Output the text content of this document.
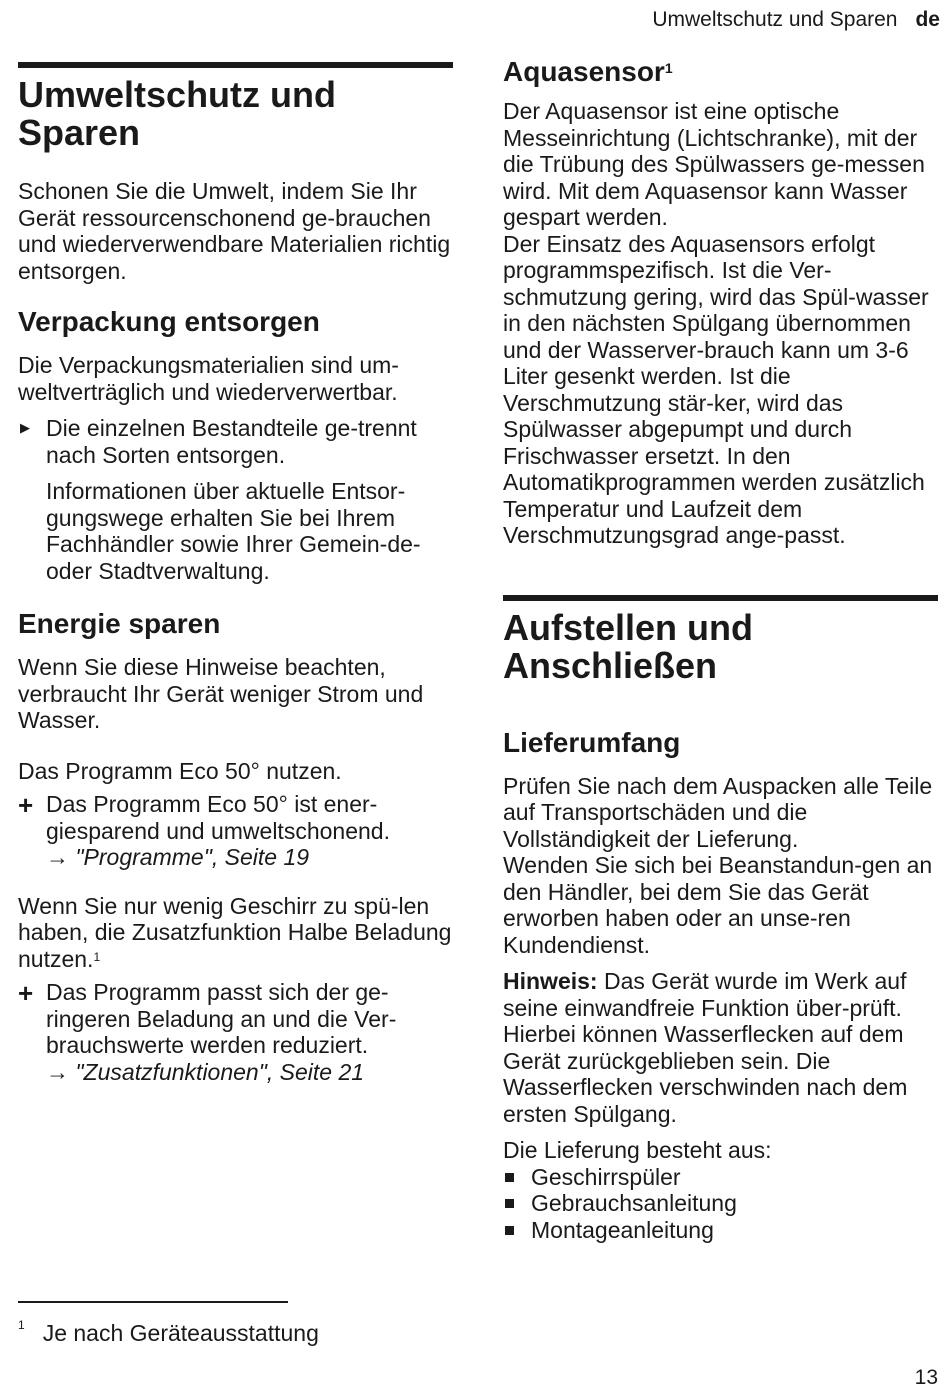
Umweltschutz und Sparen de
Umweltschutz und Sparen

Schonen Sie die Umwelt, indem Sie Ihr Gerät ressourcenschonend ge-brauchen und wiederverwendbare Materialien richtig entsorgen.

Verpackung entsorgen

Die Verpackungsmaterialien sind um-weltverträglich und wiederverwertbar.

▶ Die einzelnen Bestandteile ge-trennt nach Sorten entsorgen.

Informationen über aktuelle Entsor-gungswege erhalten Sie bei Ihrem Fachhändler sowie Ihrer Gemein-de- oder Stadtverwaltung.

Energie sparen

Wenn Sie diese Hinweise beachten, verbraucht Ihr Gerät weniger Strom und Wasser.

Das Programm Eco 50° nutzen.

+ Das Programm Eco 50° ist ener-giesparend und umweltschonend.

→ "Programme", Seite 19

Wenn Sie nur wenig Geschirr zu spü-len haben, die Zusatzfunktion Halbe Beladung nutzen.$^1$

+ Das Programm passt sich der ge-ringeren Beladung an und die Ver-brauchswerte werden reduziert.

→ "Zusatzfunktionen", Seite 21

Aquasensor$^1$

Der Aquasensor ist eine optische Messeinrichtung (Lichtschranke), mit der die Trübung des Spülwassers ge-messen wird. Mit dem Aquasensor kann Wasser gespart werden.

Der Einsatz des Aquasensors erfolgt programmspezifisch. Ist die Ver-schmutzung gering, wird das Spül-wasser in den nächsten Spülgang übernommen und der Wasserver-brauch kann um 3-6 Liter gesenkt werden. Ist die Verschmutzung stär-ker, wird das Spülwasser abgepumpt und durch Frischwasser ersetzt. In den Automatikprogrammen werden zusätzlich Temperatur und Laufzeit dem Verschmutzungsgrad ange-passt.

Aufstellen und Anschließen
Lieferumfang

Prüfen Sie nach dem Auspacken alle Teile auf Transportschäden und die Vollständigkeit der Lieferung.

Wenden Sie sich bei Beanstandun-gen an den Händler, bei dem Sie das Gerät erworben haben oder an unse-ren Kundendienst.

Hinweis: Das Gerät wurde im Werk auf seine einwandfreie Funktion über-prüft. Hierbei können Wasserflecken auf dem Gerät zurückgeblieben sein. Die Wasserflecken verschwinden nach dem ersten Spülgang.

Die Lieferung besteht aus:

Geschirrspüler

Gebrauchsanleitung

Montageanleitung

$^1$ Je nach Geräteausstattung
13
